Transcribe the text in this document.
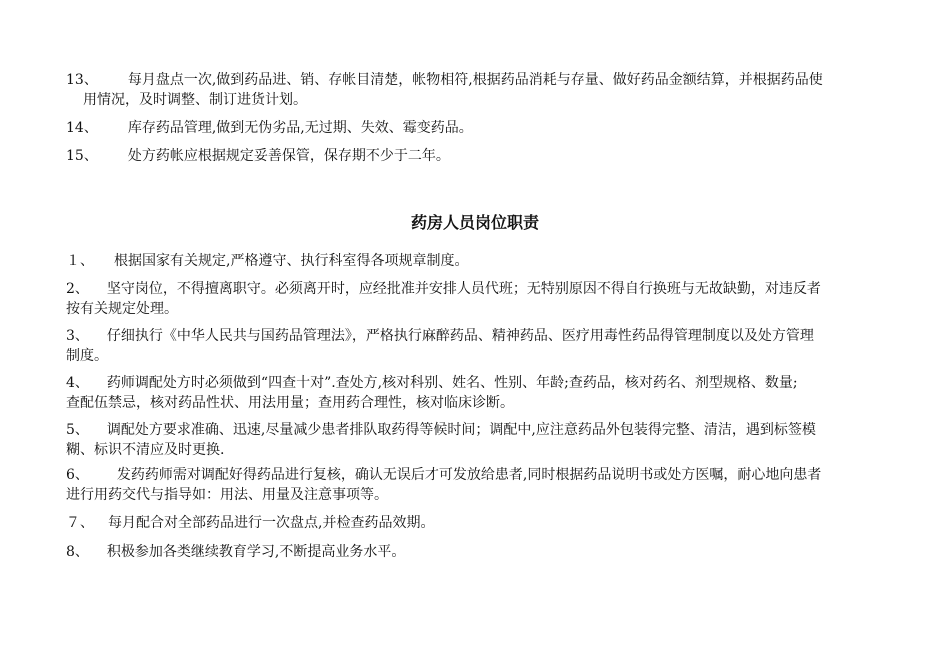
13、 每月盘点一次,做到药品进、销、存帐目清楚，帐物相符,根据药品消耗与存量、做好药品金额结算，并根据药品使
用情况，及时调整、制订进货计划。
14、 库存药品管理,做到无伪劣品,无过期、失效、霉变药品。
15、 处方药帐应根据规定妥善保管，保存期不少于二年。
药房人员岗位职责
１、 根据国家有关规定,严格遵守、执行科室得各项规章制度。
2、 坚守岗位，不得擅离职守。必须离开时，应经批准并安排人员代班；无特别原因不得自行换班与无故缺勤，对违反者
按有关规定处理。
3、 仔细执行《中华人民共与国药品管理法》，严格执行麻醉药品、精神药品、医疗用毒性药品得管理制度以及处方管理
制度。
4、 药师调配处方时必须做到“四查十对”.查处方,核对科别、姓名、性别、年龄;查药品，核对药名、剂型规格、数量;
查配伍禁忌，核对药品性状、用法用量；查用药合理性，核对临床诊断。
5、 调配处方要求准确、迅速,尽量减少患者排队取药得等候时间；调配中,应注意药品外包装得完整、清洁，遇到标签模
糊、标识不清应及时更换.
6、 发药药师需对调配好得药品进行复核，确认无误后才可发放给患者,同时根据药品说明书或处方医嘱，耐心地向患者
进行用药交代与指导如：用法、用量及注意事项等。
７、 每月配合对全部药品进行一次盘点,并检查药品效期。
8、 积极参加各类继续教育学习,不断提高业务水平。
